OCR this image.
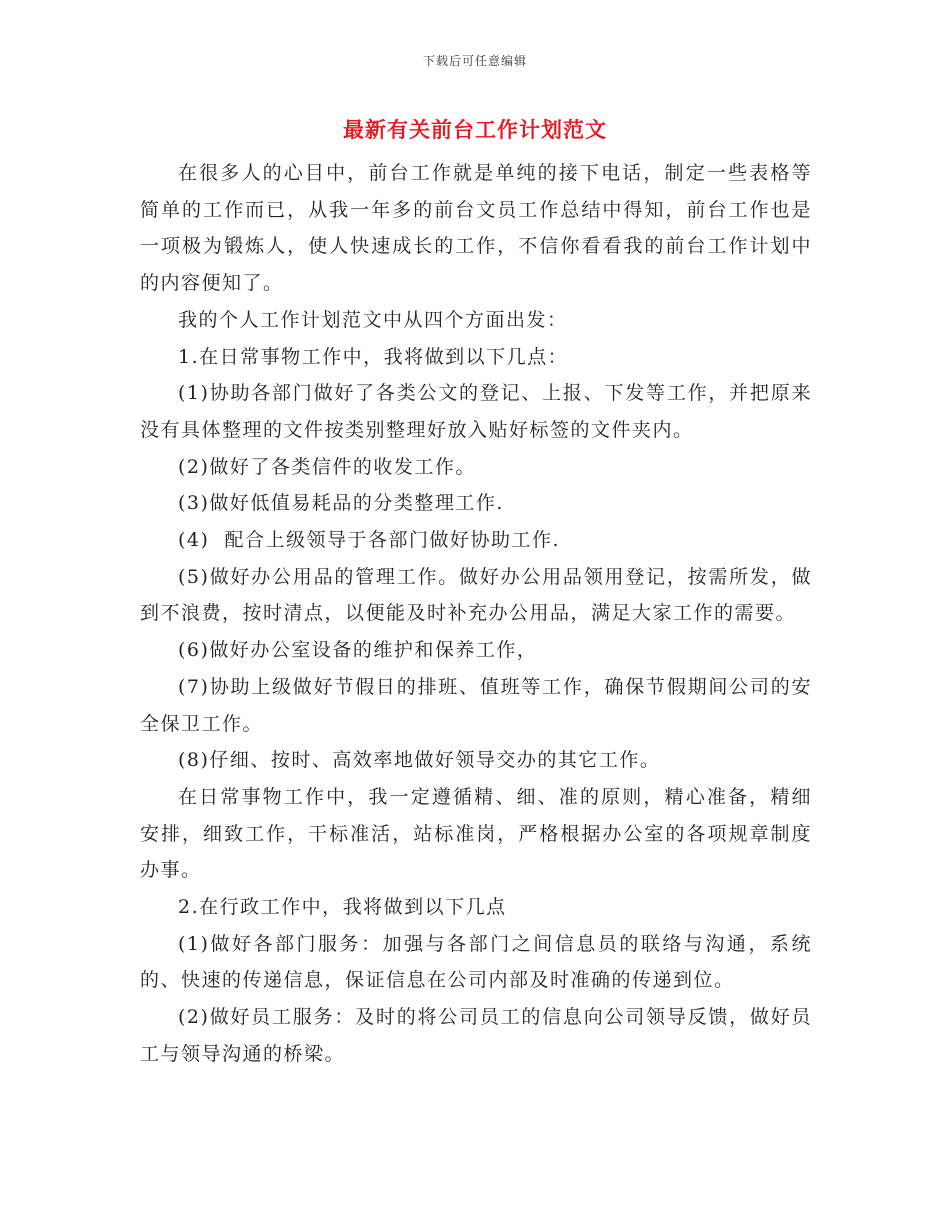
下载后可任意编辑
最新有关前台工作计划范文

在很多人的心目中，前台工作就是单纯的接下电话，制定一些表格等简单的工作而已，从我一年多的前台文员工作总结中得知，前台工作也是一项极为锻炼人，使人快速成长的工作，不信你看看我的前台工作计划中的内容便知了。

我的个人工作计划范文中从四个方面出发：

1.在日常事物工作中，我将做到以下几点：

(1)协助各部门做好了各类公文的登记、上报、下发等工作，并把原来没有具体整理的文件按类别整理好放入贴好标签的文件夹内。

(2)做好了各类信件的收发工作。

(3)做好低值易耗品的分类整理工作.

(4)  配合上级领导于各部门做好协助工作.

(5)做好办公用品的管理工作。做好办公用品领用登记，按需所发，做到不浪费，按时清点，以便能及时补充办公用品，满足大家工作的需要。

(6)做好办公室设备的维护和保养工作，

(7)协助上级做好节假日的排班、值班等工作，确保节假期间公司的安全保卫工作。

(8)仔细、按时、高效率地做好领导交办的其它工作。

在日常事物工作中，我一定遵循精、细、准的原则，精心准备，精细安排，细致工作，干标准活，站标准岗，严格根据办公室的各项规章制度办事。

2.在行政工作中，我将做到以下几点

(1)做好各部门服务：加强与各部门之间信息员的联络与沟通，系统的、快速的传递信息，保证信息在公司内部及时准确的传递到位。

(2)做好员工服务：及时的将公司员工的信息向公司领导反馈，做好员工与领导沟通的桥梁。
